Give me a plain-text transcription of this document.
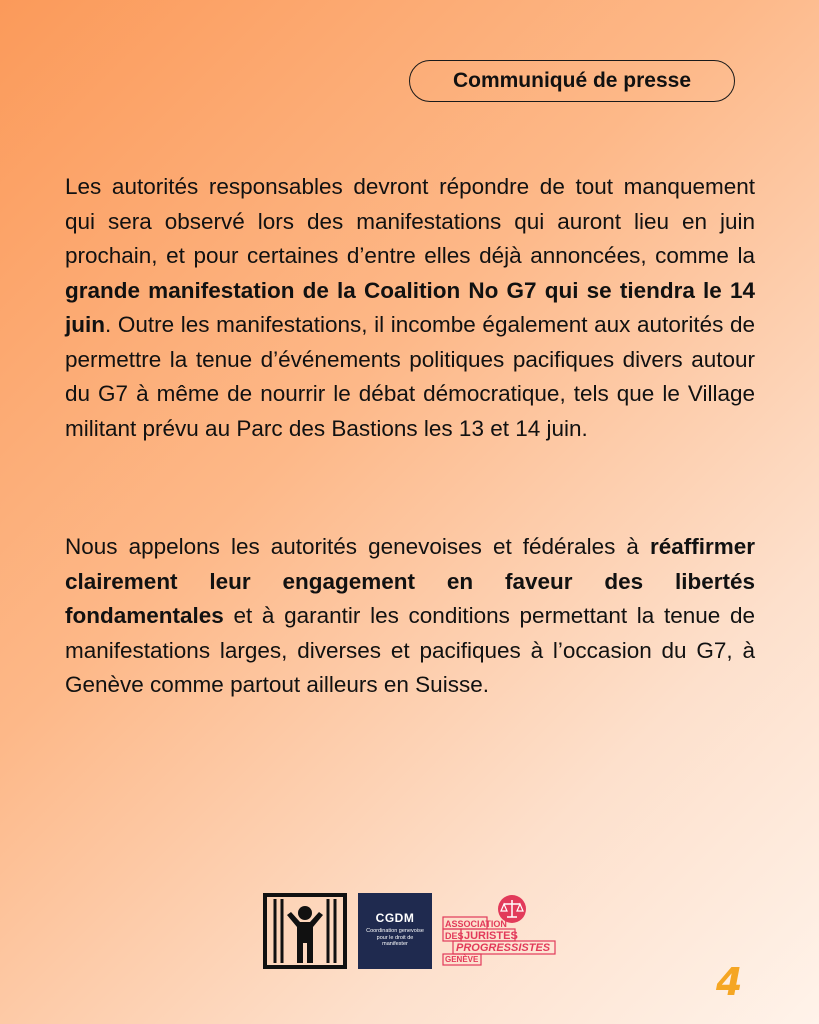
Communiqué de presse
Les autorités responsables devront répondre de tout manquement qui sera observé lors des manifestations qui auront lieu en juin prochain, et pour certaines d’entre elles déjà annoncées, comme la grande manifestation de la Coalition No G7 qui se tiendra le 14 juin. Outre les manifestations, il incombe également aux autorités de permettre la tenue d’événements politiques pacifiques divers autour du G7 à même de nourrir le débat démocratique, tels que le Village militant prévu au Parc des Bastions les 13 et 14 juin.
Nous appelons les autorités genevoises et fédérales à réaffirmer clairement leur engagement en faveur des libertés fondamentales et à garantir les conditions permettant la tenue de manifestations larges, diverses et pacifiques à l’occasion du G7, à Genève comme partout ailleurs en Suisse.
CGDM
Coordination genevoise pour le droit de manifester
ASSOCIATION
DES JURISTES
PROGRESSISTES
GENÈVE
4
